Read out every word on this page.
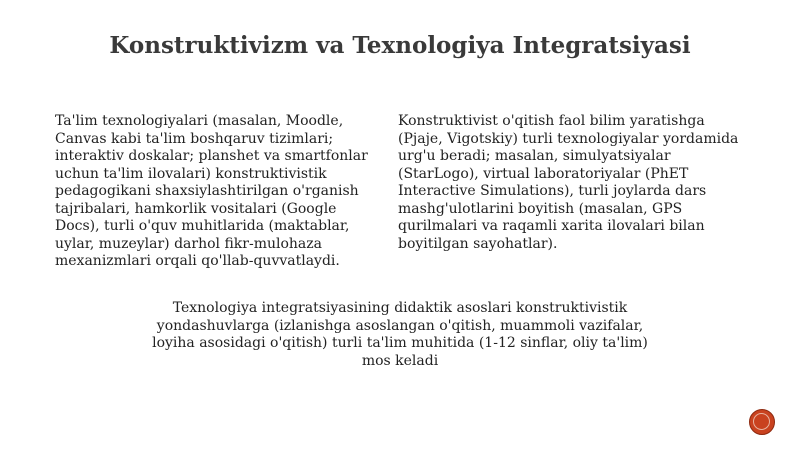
Konstruktivizm va Texnologiya Integratsiyasi

Ta'lim texnologiyalari (masalan, Moodle, Canvas kabi ta'lim boshqaruv tizimlari; interaktiv doskalar; planshet va smartfonlar uchun ta'lim ilovalari) konstruktivistik pedagogikani shaxsiylashtirilgan o'rganish tajribalari, hamkorlik vositalari (Google Docs), turli o'quv muhitlarida (maktablar, uylar, muzeylar) darhol fikr-mulohaza mexanizmlari orqali qo'llab-quvvatlaydi.

Konstruktivist o'qitish faol bilim yaratishga (Pjaje, Vigotskiy) turli texnologiyalar yordamida urg'u beradi; masalan, simulyatsiyalar (StarLogo), virtual laboratoriyalar (PhET Interactive Simulations), turli joylarda dars mashg'ulotlarini boyitish (masalan, GPS qurilmalari va raqamli xarita ilovalari bilan boyitilgan sayohatlar).

Texnologiya integratsiyasining didaktik asoslari konstruktivistik yondashuvlarga (izlanishga asoslangan o'qitish, muammoli vazifalar, loyiha asosidagi o'qitish) turli ta'lim muhitida (1-12 sinflar, oliy ta'lim) mos keladi
